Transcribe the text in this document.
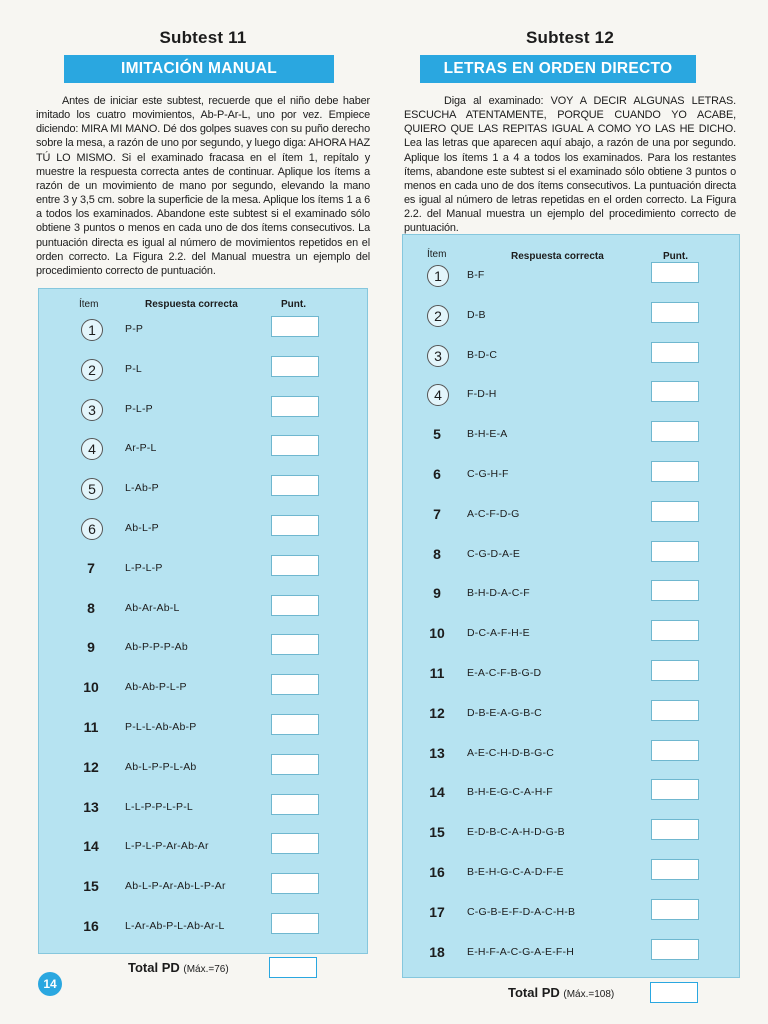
Subtest 11
IMITACIÓN MANUAL
Antes de iniciar este subtest, recuerde que el niño debe haber imitado los cuatro movimientos, Ab-P-Ar-L, uno por vez. Empiece diciendo: MIRA MI MANO. Dé dos golpes suaves con su puño derecho sobre la mesa, a razón de uno por segundo, y luego diga: AHORA HAZ TÚ LO MISMO. Si el examinado fracasa en el ítem 1, repítalo y muestre la respuesta correcta antes de continuar. Aplique los ítems a razón de un movimiento de mano por segundo, elevando la mano entre 3 y 3,5 cm. sobre la superficie de la mesa. Aplique los ítems 1 a 6 a todos los examinados. Abandone este subtest si el examinado sólo obtiene 3 puntos o menos en cada uno de dos ítems consecutivos. La puntuación directa es igual al número de movimientos repetidos en el orden correcto. La Figura 2.2. del Manual muestra un ejemplo del procedimiento correcto de puntuación.
Ítem	Respuesta correcta	Punt.
1	P-P
2	P-L
3	P-L-P
4	Ar-P-L
5	L-Ab-P
6	Ab-L-P
7	L-P-L-P
8	Ab-Ar-Ab-L
9	Ab-P-P-P-Ab
10 Ab-Ab-P-L-P
11	P-L-L-Ab-Ab-P
12 Ab-L-P-P-L-Ab
13 L-L-P-P-L-P-L
14 L-P-L-P-Ar-Ab-Ar
15 Ab-L-P-Ar-Ab-L-P-Ar
16 L-Ar-Ab-P-L-Ab-Ar-L
Total PD (Máx.=76)
Subtest 12
LETRAS EN ORDEN DIRECTO
Diga al examinado: VOY A DECIR ALGUNAS LETRAS. ESCUCHA ATENTAMENTE, PORQUE CUANDO YO ACABE, QUIERO QUE LAS REPITAS IGUAL A COMO YO LAS HE DICHO. Lea las letras que aparecen aquí abajo, a razón de una por segundo. Aplique los ítems 1 a 4 a todos los examinados. Para los restantes ítems, abandone este subtest si el examinado sólo obtiene 3 puntos o menos en cada uno de dos ítems consecutivos. La puntuación directa es igual al número de letras repetidas en el orden correcto. La Figura 2.2. del Manual muestra un ejemplo del procedimiento correcto de puntuación.
Ítem	Respuesta correcta	Punt.
1	B-F
2	D-B
3	B-D-C
4	F-D-H
5	B-H-E-A
6	C-G-H-F
7	A-C-F-D-G
8	C-G-D-A-E
9	B-H-D-A-C-F
10 D-C-A-F-H-E
11 E-A-C-F-B-G-D
12 D-B-E-A-G-B-C
13 A-E-C-H-D-B-G-C
14 B-H-E-G-C-A-H-F
15 E-D-B-C-A-H-D-G-B
16 B-E-H-G-C-A-D-F-E
17 C-G-B-E-F-D-A-C-H-B
18 E-H-F-A-C-G-A-E-F-H
Total PD (Máx.=108)
14
